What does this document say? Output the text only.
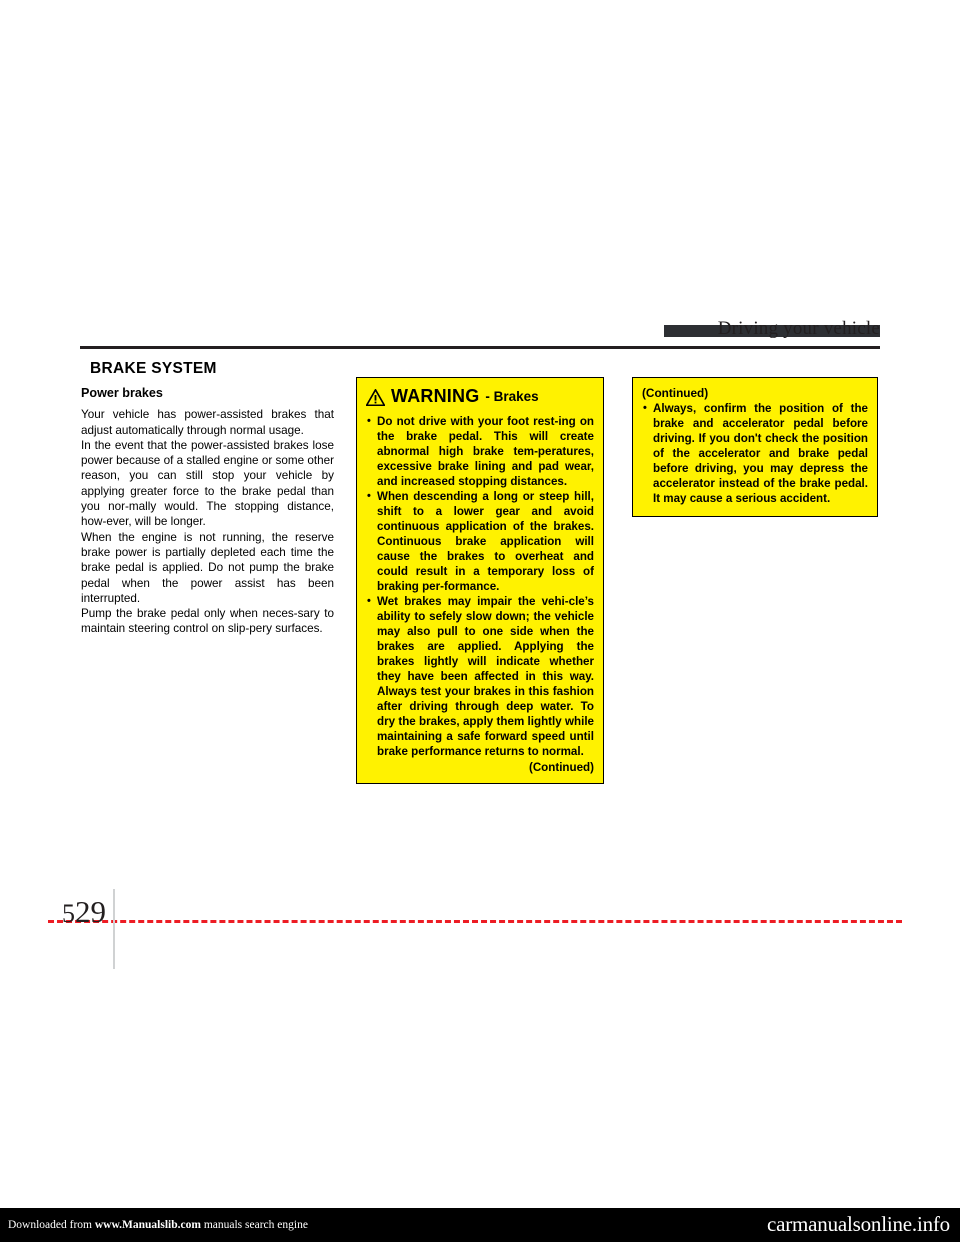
Driving your vehicle
BRAKE SYSTEM
Power brakes

Your vehicle has power-assisted brakes that adjust automatically through normal usage.

In the event that the power-assisted brakes lose power because of a stalled engine or some other reason, you can still stop your vehicle by applying greater force to the brake pedal than you nor-mally would. The stopping distance, how-ever, will be longer.

When the engine is not running, the reserve brake power is partially depleted each time the brake pedal is applied. Do not pump the brake pedal when the power assist has been interrupted.

Pump the brake pedal only when neces-sary to maintain steering control on slip-pery surfaces.

WARNING - Brakes
• Do not drive with your foot rest-ing on the brake pedal. This will create abnormal high brake tem-peratures, excessive brake lining and pad wear, and increased stopping distances.
• When descending a long or steep hill, shift to a lower gear and avoid continuous application of the brakes. Continuous brake application will cause the brakes to overheat and could result in a temporary loss of braking per-formance.
• Wet brakes may impair the vehi-cle’s ability to sefely slow down; the vehicle may also pull to one side when the brakes are applied. Applying the brakes lightly will indicate whether they have been affected in this way. Always test your brakes in this fashion after driving through deep water. To dry the brakes, apply them lightly while maintaining a safe forward speed until brake performance returns to normal.
(Continued)
(Continued)
• Always, confirm the position of the brake and accelerator pedal before driving. If you don't check the position of the accelerator and brake pedal before driving, you may depress the accelerator instead of the brake pedal. It may cause a serious accident.
529
Downloaded from www.Manualslib.com manuals search engine	carmanualsonline.info
